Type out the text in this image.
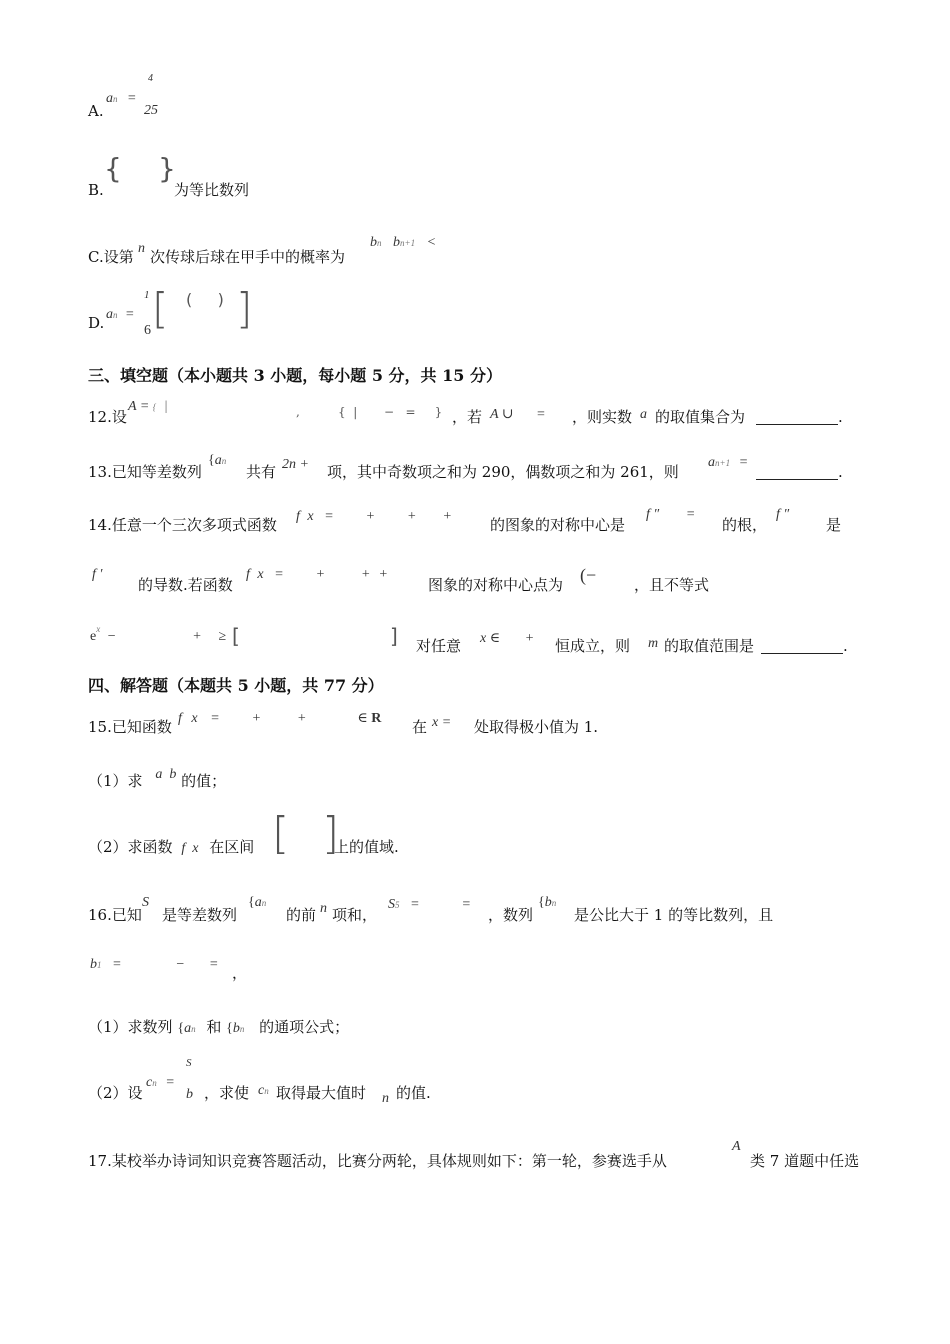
A.
an =
4
25
B.
{ }
为等比数列
C.设第 n 次传球后球在甲手中的概率为
bn bn+1 <
D. an =
1
6 [ ]
(     )
三、填空题（本小题共 3 小题，每小题 5 分，共 15 分）
12.设
A = { |	,          {  |       − =     } ，若 A ∪ = ，则实数 a 的取值集合为	.
13.已知等差数列
{an
共有 2n + 项，其中奇数项之和为 290，偶数项之和为 261，则
an+1 =
.
14.任意一个三次多项式函数 f x = + + +	的图象的对称中心是
f ″ =
的根，
f ″
是
f ′
的导数.若函数
f x = +	+ +
图象的对称中心点为 (−	，且不等式
$e^x$ −	+ ≥ [	] 对任意 x ∈ + 恒成立，则 m 的取值范围是	.
四、解答题（本题共 5 小题，共 77 分）
15.已知函数 f x = +	+	∈ R 在 x = 处取得极小值为 1.
（1）求 a b 的值；
（2）求函数 f x 在区间 [ ]
上的值域.
16.已知
S
是等差数列
{an
的前 n 项和，
S5 =	=
，数列
{bn
是公比大于 1 的等比数列，且
b1 =	− = ，
（1）求数列 {an 和 {bn 的通项公式；
（2）设
cn =
S
b ，求使 cn 取得最大值时 n 的值.
17.某校举办诗词知识竞赛答题活动，比赛分两轮，具体规则如下：第一轮，参赛选手从
A
类 7 道题中任选
